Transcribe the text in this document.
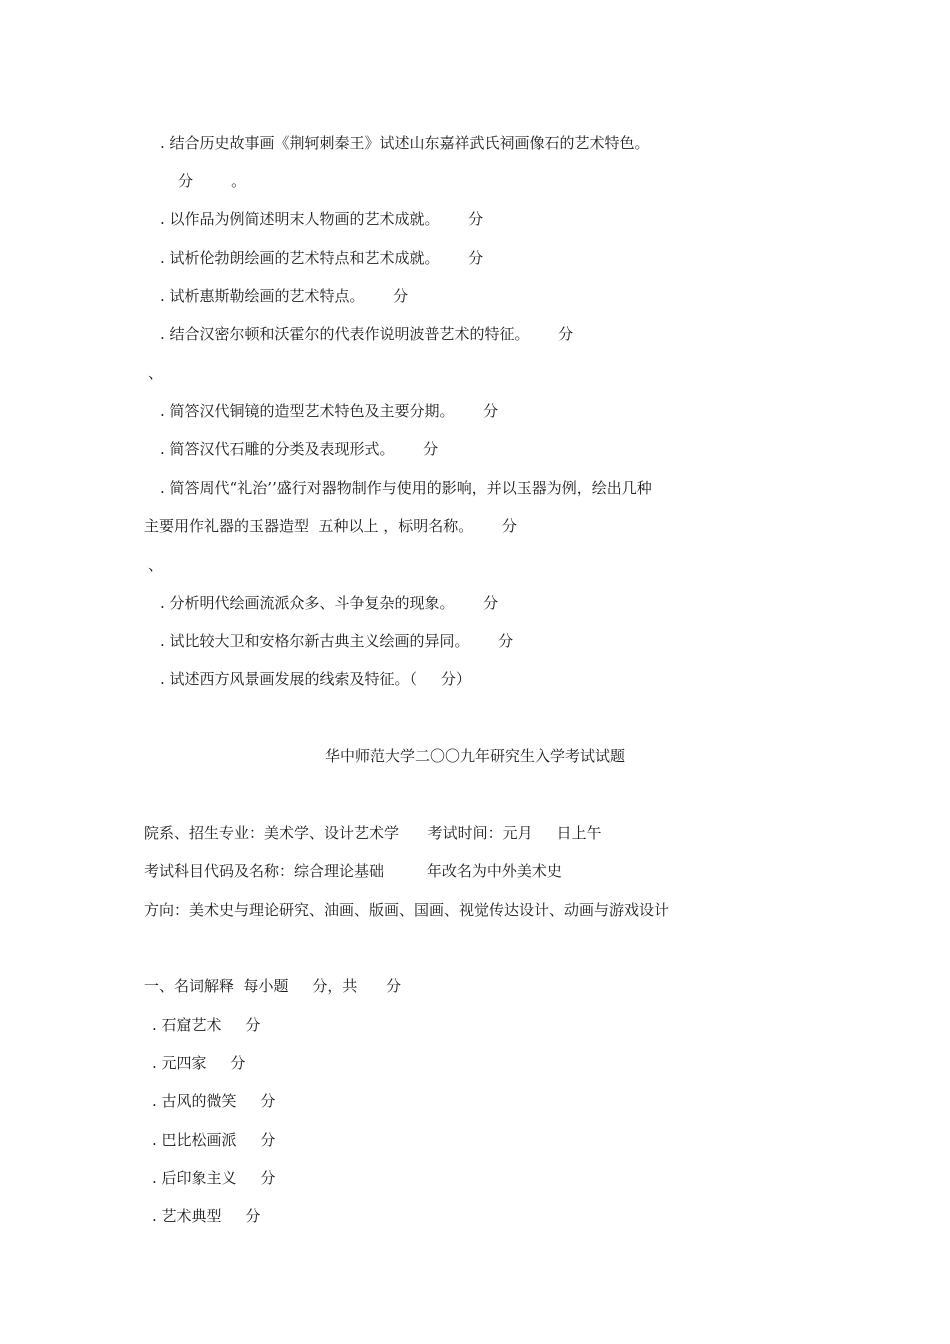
. 结合历史故事画《荆轲刺秦王》试述山东嘉祥武氏祠画像石的艺术特色。
分        。
. 以作品为例简述明末人物画的艺术成就。      分
. 试析伦勃朗绘画的艺术特点和艺术成就。      分
. 试析惠斯勒绘画的艺术特点。      分
. 结合汉密尔顿和沃霍尔的代表作说明波普艺术的特征。      分
、
. 简答汉代铜镜的造型艺术特色及主要分期。      分
. 简答汉代石雕的分类及表现形式。      分
. 简答周代“礼治’’盛行对器物制作与使用的影响，并以玉器为例，绘出几种
主要用作礼器的玉器造型  五种以上 ，标明名称。      分
、
. 分析明代绘画流派众多、斗争复杂的现象。      分
. 试比较大卫和安格尔新古典主义绘画的异同。      分
. 试述西方风景画发展的线索及特征。（     分）
华中师范大学二〇〇九年研究生入学考试试题
院系、招生专业：美术学、设计艺术学      考试时间：元月     日上午
考试科目代码及名称：综合理论基础         年改名为中外美术史
方向：美术史与理论研究、油画、版画、国画、视觉传达设计、动画与游戏设计
一、名词解释  每小题     分，共      分
. 石窟艺术     分
. 元四家     分
. 古风的微笑     分
. 巴比松画派     分
. 后印象主义     分
. 艺术典型     分
